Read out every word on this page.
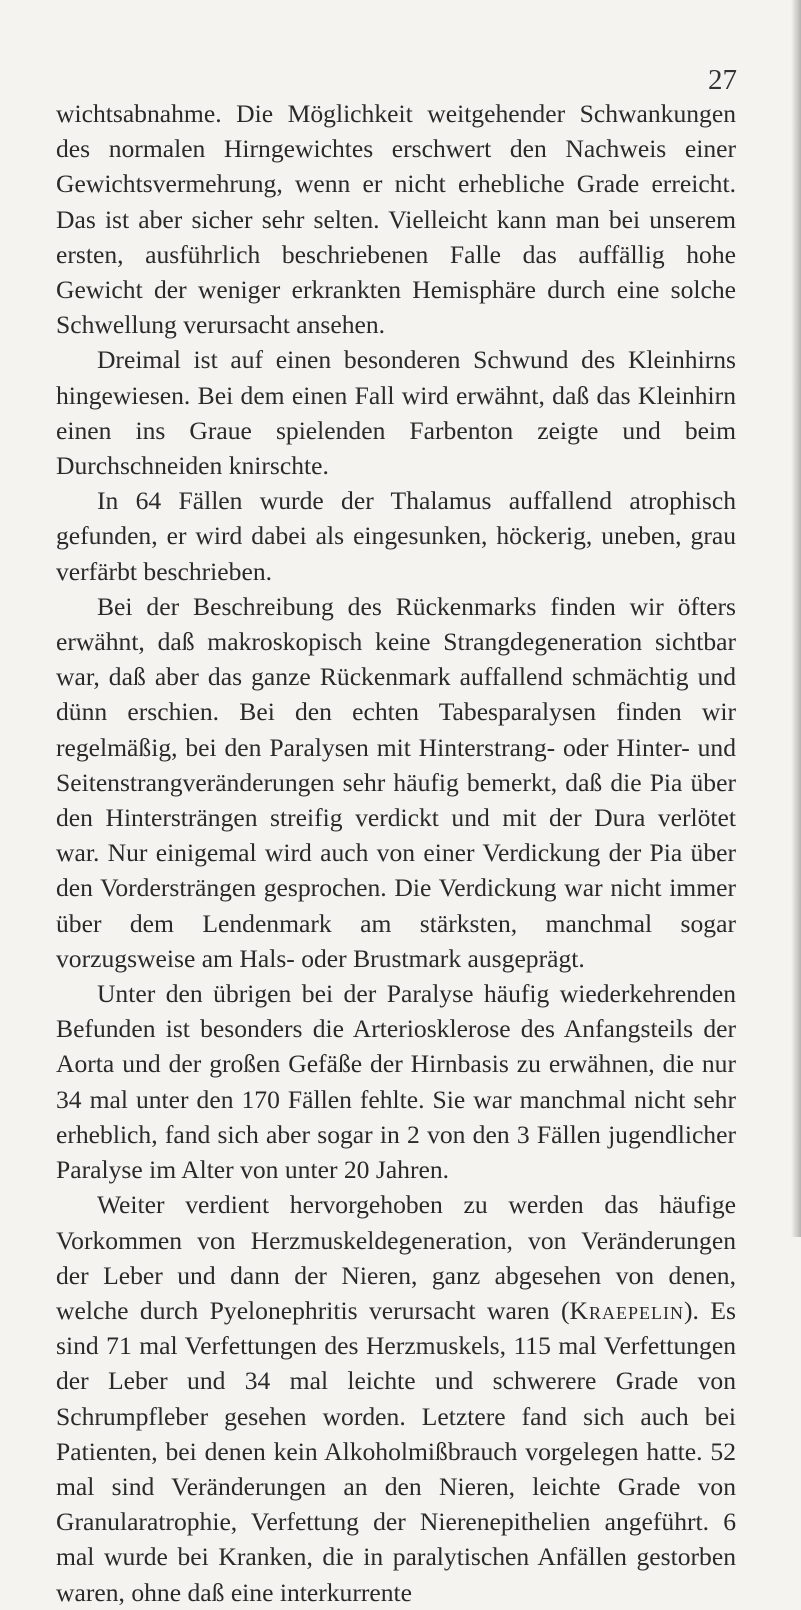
27

wichtsabnahme. Die Möglichkeit weitgehender Schwankungen des normalen Hirngewichtes erschwert den Nachweis einer Gewichtsvermehrung, wenn er nicht erhebliche Grade erreicht. Das ist aber sicher sehr selten. Vielleicht kann man bei unserem ersten, ausführlich beschriebenen Falle das auffällig hohe Gewicht der weniger erkrankten Hemisphäre durch eine solche Schwellung verursacht ansehen.

Dreimal ist auf einen besonderen Schwund des Kleinhirns hingewiesen. Bei dem einen Fall wird erwähnt, daß das Kleinhirn einen ins Graue spielenden Farbenton zeigte und beim Durchschneiden knirschte.

In 64 Fällen wurde der Thalamus auffallend atrophisch gefunden, er wird dabei als eingesunken, höckerig, uneben, grau verfärbt beschrieben.

Bei der Beschreibung des Rückenmarks finden wir öfters erwähnt, daß makroskopisch keine Strangdegeneration sichtbar war, daß aber das ganze Rückenmark auffallend schmächtig und dünn erschien. Bei den echten Tabesparalysen finden wir regelmäßig, bei den Paralysen mit Hinterstrang- oder Hinter- und Seitenstrangveränderungen sehr häufig bemerkt, daß die Pia über den Hintersträngen streifig verdickt und mit der Dura verlötet war. Nur einigemal wird auch von einer Verdickung der Pia über den Vordersträngen gesprochen. Die Verdickung war nicht immer über dem Lendenmark am stärksten, manchmal sogar vorzugsweise am Hals- oder Brustmark ausgeprägt.

Unter den übrigen bei der Paralyse häufig wiederkehrenden Befunden ist besonders die Arteriosklerose des Anfangsteils der Aorta und der großen Gefäße der Hirnbasis zu erwähnen, die nur 34 mal unter den 170 Fällen fehlte. Sie war manchmal nicht sehr erheblich, fand sich aber sogar in 2 von den 3 Fällen jugendlicher Paralyse im Alter von unter 20 Jahren.

Weiter verdient hervorgehoben zu werden das häufige Vorkommen von Herzmuskeldegeneration, von Veränderungen der Leber und dann der Nieren, ganz abgesehen von denen, welche durch Pyelonephritis verursacht waren (Kraepelin). Es sind 71 mal Verfettungen des Herzmuskels, 115 mal Verfettungen der Leber und 34 mal leichte und schwerere Grade von Schrumpfleber gesehen worden. Letztere fand sich auch bei Patienten, bei denen kein Alkoholmißbrauch vorgelegen hatte. 52 mal sind Veränderungen an den Nieren, leichte Grade von Granularatrophie, Verfettung der Nierenepithelien angeführt. 6 mal wurde bei Kranken, die in paralytischen Anfällen gestorben waren, ohne daß eine interkurrente
